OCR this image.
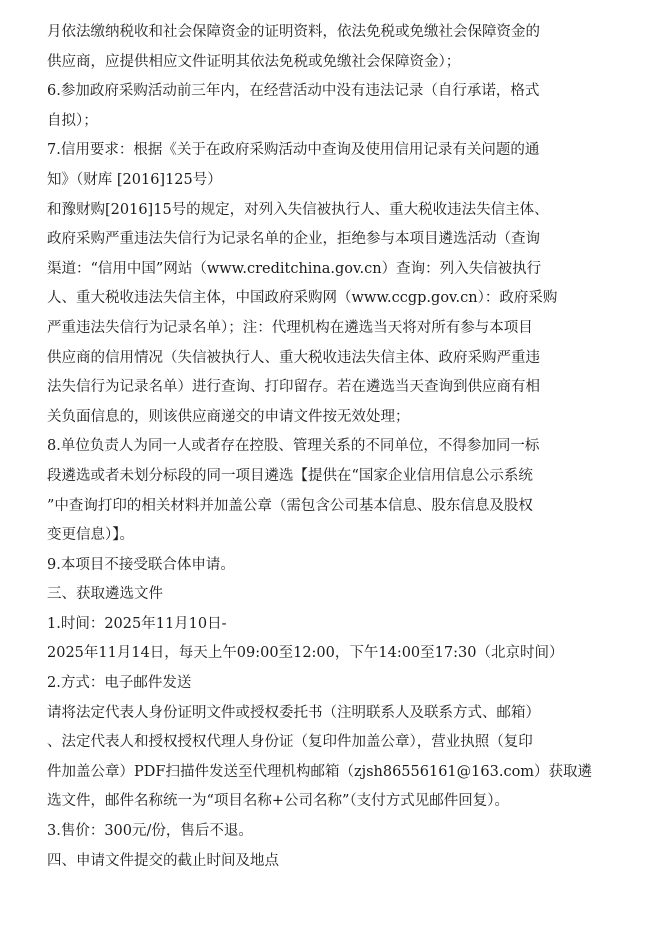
月依法缴纳税收和社会保障资金的证明资料，依法免税或免缴社会保障资金的
供应商，应提供相应文件证明其依法免税或免缴社会保障资金）；
6.参加政府采购活动前三年内，在经营活动中没有违法记录（自行承诺，格式
自拟）；
7.信用要求：根据《关于在政府采购活动中查询及使用信用记录有关问题的通
知》（财库 [2016]125号）
和豫财购[2016]15号的规定，对列入失信被执行人、重大税收违法失信主体、
政府采购严重违法失信行为记录名单的企业，拒绝参与本项目遴选活动（查询
渠道：“信用中国”网站（www.creditchina.gov.cn）查询：列入失信被执行
人、重大税收违法失信主体，中国政府采购网（www.ccgp.gov.cn）：政府采购
严重违法失信行为记录名单）；注：代理机构在遴选当天将对所有参与本项目
供应商的信用情况（失信被执行人、重大税收违法失信主体、政府采购严重违
法失信行为记录名单）进行查询、打印留存。若在遴选当天查询到供应商有相
关负面信息的，则该供应商递交的申请文件按无效处理；
8.单位负责人为同一人或者存在控股、管理关系的不同单位，不得参加同一标
段遴选或者未划分标段的同一项目遴选【提供在“国家企业信用信息公示系统
”中查询打印的相关材料并加盖公章（需包含公司基本信息、股东信息及股权
变更信息）】。
9.本项目不接受联合体申请。
三、获取遴选文件
1.时间：2025年11月10日-
2025年11月14日，每天上午09:00至12:00，下午14:00至17:30（北京时间）
2.方式：电子邮件发送
请将法定代表人身份证明文件或授权委托书（注明联系人及联系方式、邮箱）
、法定代表人和授权授权代理人身份证（复印件加盖公章），营业执照（复印
件加盖公章）PDF扫描件发送至代理机构邮箱（zjsh86556161@163.com）获取遴
选文件，邮件名称统一为“项目名称+公司名称”（支付方式见邮件回复）。
3.售价：300元/份，售后不退。
四、申请文件提交的截止时间及地点
